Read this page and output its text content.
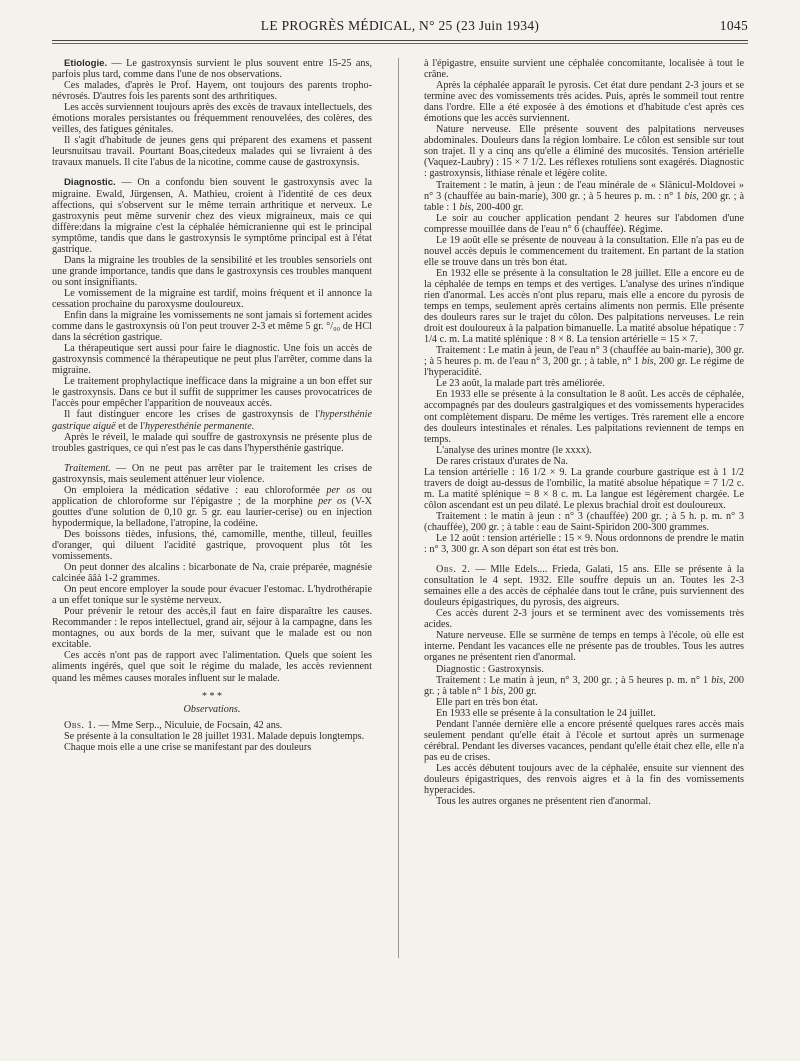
LE PROGRÈS MÉDICAL, N° 25 (23 Juin 1934)	1045

Etiologie. — Le gastroxynsis survient le plus souvent entre 15-25 ans, parfois plus tard, comme dans l'une de nos observations.

Ces malades, d'après le Prof. Hayem, ont toujours des parents tropho-névrosés. D'autres fois les parents sont des arthritiques.

Les accès surviennent toujours après des excès de travaux intellectuels, des émotions morales persistantes ou fréquemment renouvelées, des colères, des veilles, des fatigues génitales.

Il s'agit d'habitude de jeunes gens qui préparent des examens et passent leursnuitsau travail. Pourtant Boas,citedeux malades qui se livraient à des travaux manuels. Il cite l'abus de la nicotine, comme cause de gastroxynsis.

Diagnostic. — On a confondu bien souvent le gastroxynsis avec la migraine. Ewald, Jürgensen, A. Mathieu, croient à l'identité de ces deux affections, qui s'observent sur le même terrain arthritique et nerveux. Le gastroxynis peut même survenir chez des vieux migraineux, mais ce qui diffère:dans la migraine c'est la céphalée hémicranienne qui est le principal symptôme, tandis que dans le gastroxynsis le symptôme principal est à l'état gastrique.

Dans la migraine les troubles de la sensibilité et les troubles sensoriels ont une grande importance, tandis que dans le gastroxynsis ces troubles manquent ou sont insignifiants.

Le vomissement de la migraine est tardif, moins fréquent et il annonce la cessation prochaine du paroxysme douloureux.

Enfin dans la migraine les vomissements ne sont jamais si fortement acides comme dans le gastroxynsis où l'on peut trouver 2-3 et même 5 gr. °/₀₀ de HCl dans la sécrétion gastrique.

La thérapeutique sert aussi pour faire le diagnostic. Une fois un accès de gastroxynsis commencé la thérapeutique ne peut plus l'arrêter, comme dans la migraine.

Le traitement prophylactique inefficace dans la migraine a un bon effet sur le gastroxynsis. Dans ce but il suffit de supprimer les causes provocatrices de l'accès pour empêcher l'apparition de nouveaux accès.

Il faut distinguer encore les crises de gastroxynsis de l'hypersthénie gastrique aiguë et de l'hyperesthénie permanente.

Après le réveil, le malade qui souffre de gastroxynsis ne présente plus de troubles gastriques, ce qui n'est pas le cas dans l'hypersthénie gastrique.

Traitement. — On ne peut pas arrêter par le traitement les crises de gastroxynsis, mais seulement atténuer leur violence.

On emploiera la médication sédative : eau chloroformée per os ou application de chloroforme sur l'épigastre ; de la morphine per os (V-X gouttes d'une solution de 0,10 gr. 5 gr. eau laurier-cerise) ou en injection hypodermique, la belladone, l'atropine, la codéine.

Des boissons tièdes, infusions, thé, camomille, menthe, tilleul, feuilles d'oranger, qui diluent l'acidité gastrique, provoquent plus tôt les vomissements.

On peut donner des alcalins : bicarbonate de Na, craie préparée, magnésie calcinée ââà 1-2 grammes.

On peut encore employer la soude pour évacuer l'estomac. L'hydrothérapie a un effet tonique sur le système nerveux.

Pour prévenir le retour des accès,il faut en faire disparaître les causes. Recommander : le repos intellectuel, grand air, séjour à la campagne, dans les montagnes, ou aux bords de la mer, suivant que le malade est ou non excitable.

Ces accès n'ont pas de rapport avec l'alimentation. Quels que soient les aliments ingérés, quel que soit le régime du malade, les accès reviennent quand les mêmes causes morales influent sur le malade.

* * *

Observations.

Obs. 1. — Mme Serp.., Niculuie, de Focsain, 42 ans.

Se présente à la consultation le 28 juillet 1931. Malade depuis longtemps.

Chaque mois elle a une crise se manifestant par des douleurs

à l'épigastre, ensuite survient une céphalée concomitante, localisée à tout le crâne.

Après la céphalée apparaît le pyrosis. Cet état dure pendant 2-3 jours et se termine avec des vomissements très acides. Puis, après le sommeil tout rentre dans l'ordre. Elle a été exposée à des émotions et d'habitude c'est après ces émotions que les accès surviennent.

Nature nerveuse. Elle présente souvent des palpitations nerveuses abdominales. Douleurs dans la région lombaire. Le côlon est sensible sur tout son trajet. Il y a cinq ans qu'elle a éliminé des mucosités. Tension artérielle (Vaquez-Laubry) : 15 × 7 1/2. Les réflexes rotuliens sont exagérés. Diagnostic : gastroxynsis, lithiase rénale et légère colite.

Traitement : le matin, à jeun : de l'eau minérale de « Slänicul-Moldovei » n° 3 (chauffée au bain-marie), 300 gr. ; à 5 heures p. m. : n° 1 bis, 200 gr. ; à table : 1 bis, 200-400 gr.

Le soir au coucher application pendant 2 heures sur l'abdomen d'une compresse mouillée dans de l'eau n° 6 (chauffée). Régime.

Le 19 août elle se présente de nouveau à la consultation. Elle n'a pas eu de nouvel accès depuis le commencement du traitement. En partant de la station elle se trouve dans un très bon état.

En 1932 elle se présente à la consultation le 28 juillet. Elle a encore eu de la céphalée de temps en temps et des vertiges. L'analyse des urines n'indique rien d'anormal. Les accès n'ont plus reparu, mais elle a encore du pyrosis de temps en temps, seulement après certains aliments non permis. Elle présente des douleurs rares sur le trajet du côlon. Des palpitations nerveuses. Le rein droit est douloureux à la palpation bimanuelle. La matité absolue hépatique : 7 1/4 c. m. La matité splénique : 8 × 8. La tension artérielle = 15 × 7.

Traitement : Le matin à jeun, de l'eau n° 3 (chauffée au bain-marie), 300 gr. ; à 5 heures p. m. de l'eau n° 3, 200 gr. ; à table, n° 1 bis, 200 gr. Le régime de l'hyperacidité.

Le 23 août, la malade part très améliorée.

En 1933 elle se présente à la consultation le 8 août. Les accès de céphalée, accompagnés par des douleurs gastralgiques et des vomissements hyperacides ont complètement disparu. De même les vertiges. Très rarement elle a encore des douleurs intestinales et rénales. Les palpitations reviennent de temps en temps.

L'analyse des urines montre (le xxxx).

De rares cristaux d'urates de Na.

La tension artérielle : 16 1/2 × 9. La grande courbure gastrique est à 1 1/2 travers de doigt au-dessus de l'ombilic, la matité absolue hépatique = 7 1/2 c. m. La matité splénique = 8 × 8 c. m. La langue est légèrement chargée. Le côlon ascendant est un peu dilaté. Le plexus brachial droit est douloureux.

Traitement : le matin à jeun : n° 3 (chauffée) 200 gr. ; à 5 h. p. m. n° 3 (chauffée), 200 gr. ; à table : eau de Saint-Spiridon 200-300 grammes.

Le 12 août : tension artérielle : 15 × 9. Nous ordonnons de prendre le matin : n° 3, 300 gr. A son départ son état est très bon.

Obs. 2. — Mlle Edels.... Frieda, Galati, 15 ans. Elle se présente à la consultation le 4 sept. 1932. Elle souffre depuis un an. Toutes les 2-3 semaines elle a des accès de céphalée dans tout le crâne, puis surviennent des douleurs épigastriques, du pyrosis, des aigreurs.

Ces accès durent 2-3 jours et se terminent avec des vomissements très acides.

Nature nerveuse. Elle se surmène de temps en temps à l'école, où elle est interne. Pendant les vacances elle ne présente pas de troubles. Tous les autres organes ne présentent rien d'anormal.

Diagnostic : Gastroxynsis.

Traitement : Le matin à jeun, n° 3, 200 gr. ; à 5 heures p. m. n° 1 bis, 200 gr. ; à table n° 1 bis, 200 gr.

Elle part en très bon état.

En 1933 elle se présente à la consultation le 24 juillet.

Pendant l'année dernière elle a encore présenté quelques rares accès mais seulement pendant qu'elle était à l'école et surtout après un surmenage cérébral. Pendant les diverses vacances, pendant qu'elle était chez elle, elle n'a pas eu de crises.

Les accès débutent toujours avec de la céphalée, ensuite sur viennent des douleurs épigastriques, des renvois aigres et à la fin des vomissements hyperacides.

Tous les autres organes ne présentent rien d'anormal.
